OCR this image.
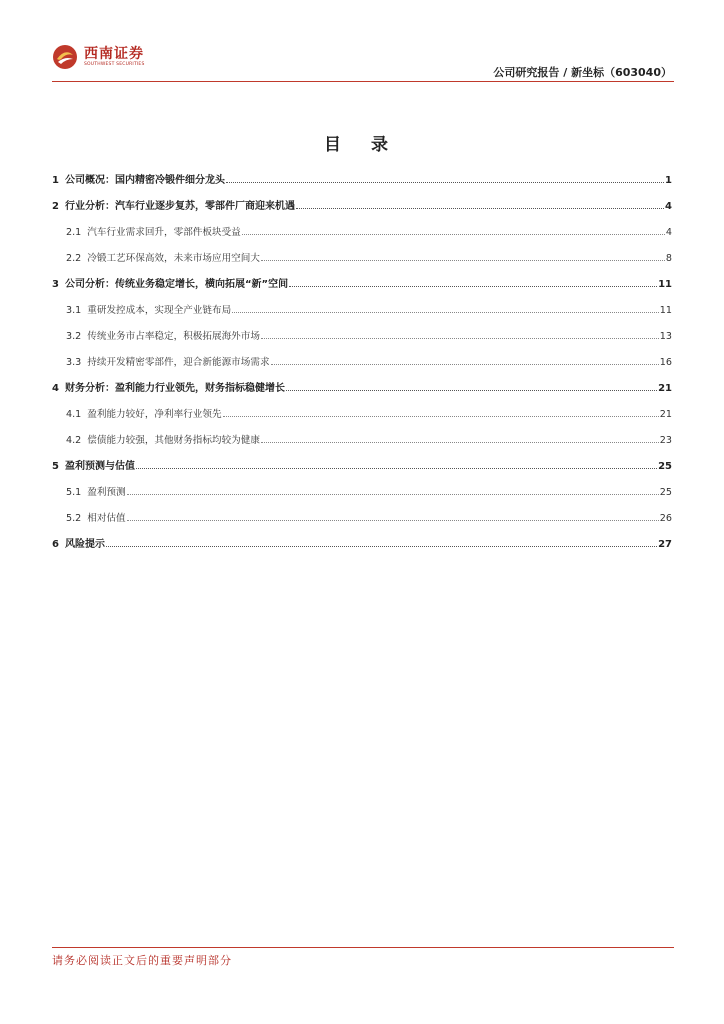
西南证券
SOUTHWEST SECURITIES
公司研究报告 / 新坐标（603040）
目 录
1 公司概况：国内精密冷锻件细分龙头	1
2 行业分析：汽车行业逐步复苏，零部件厂商迎来机遇	4
2.1 汽车行业需求回升，零部件板块受益	4
2.2 冷锻工艺环保高效，未来市场应用空间大	8
3 公司分析：传统业务稳定增长，横向拓展“新”空间	11
3.1 重研发控成本，实现全产业链布局	11
3.2 传统业务市占率稳定，积极拓展海外市场	13
3.3 持续开发精密零部件，迎合新能源市场需求	16
4 财务分析：盈利能力行业领先，财务指标稳健增长	21
4.1 盈利能力较好，净利率行业领先	21
4.2 偿债能力较强，其他财务指标均较为健康	23
5 盈利预测与估值	25
5.1 盈利预测	25
5.2 相对估值	26
6 风险提示	27
请务必阅读正文后的重要声明部分
